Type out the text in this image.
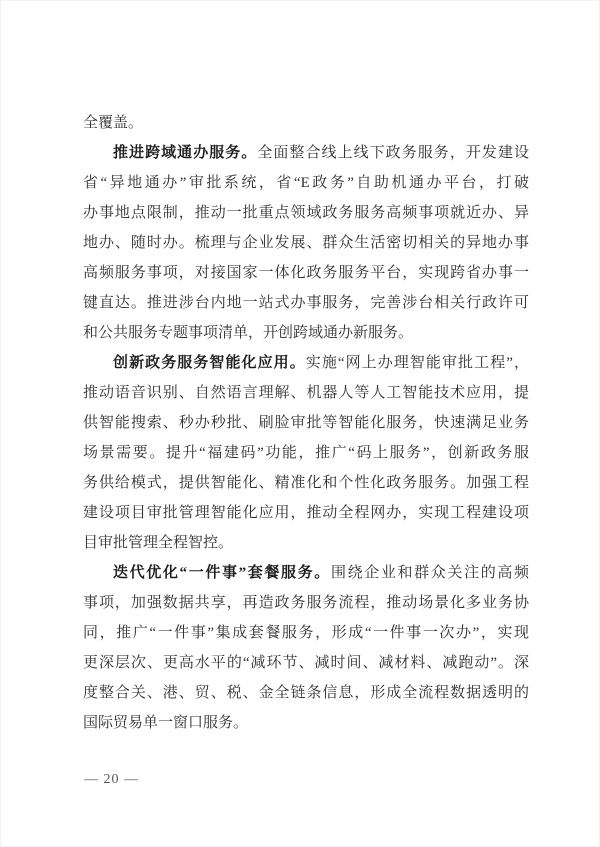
全覆盖。
推进跨域通办服务。全面整合线上线下政务服务，开发建设
省“异地通办”审批系统，省“E政务”自助机通办平台，打破
办事地点限制，推动一批重点领域政务服务高频事项就近办、异
地办、随时办。梳理与企业发展、群众生活密切相关的异地办事
高频服务事项，对接国家一体化政务服务平台，实现跨省办事一
键直达。推进涉台内地一站式办事服务，完善涉台相关行政许可
和公共服务专题事项清单，开创跨域通办新服务。
创新政务服务智能化应用。实施“网上办理智能审批工程”，
推动语音识别、自然语言理解、机器人等人工智能技术应用，提
供智能搜索、秒办秒批、刷脸审批等智能化服务，快速满足业务
场景需要。提升“福建码”功能，推广“码上服务”，创新政务服
务供给模式，提供智能化、精准化和个性化政务服务。加强工程
建设项目审批管理智能化应用，推动全程网办，实现工程建设项
目审批管理全程智控。
迭代优化“一件事”套餐服务。围绕企业和群众关注的高频
事项，加强数据共享，再造政务服务流程，推动场景化多业务协
同，推广“一件事”集成套餐服务，形成“一件事一次办”，实现
更深层次、更高水平的“减环节、减时间、减材料、减跑动”。深
度整合关、港、贸、税、金全链条信息，形成全流程数据透明的
国际贸易单一窗口服务。
— 20 —
